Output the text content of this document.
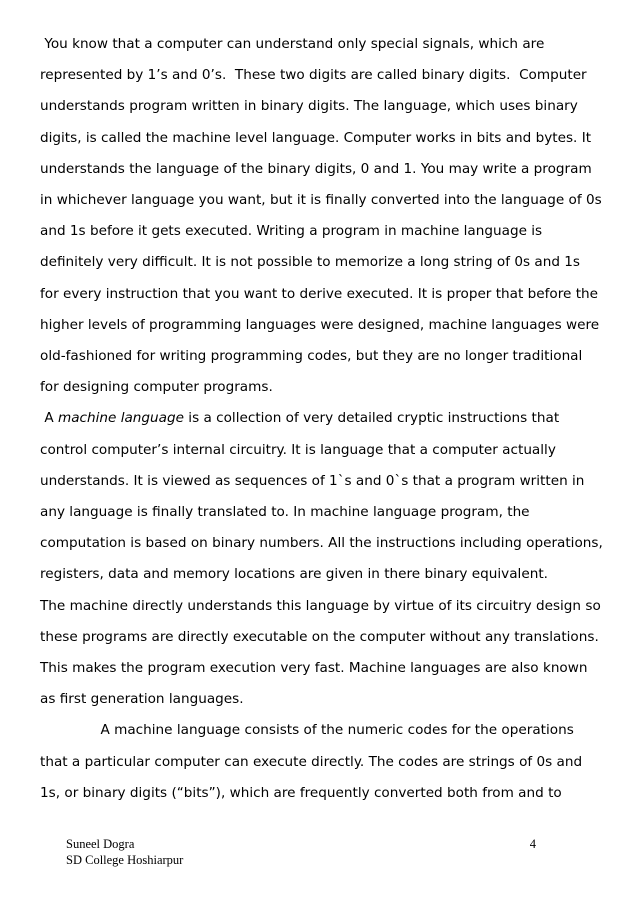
You know that a computer can understand only special signals, which are
represented by 1’s and 0’s.  These two digits are called binary digits.  Computer
understands program written in binary digits. The language, which uses binary
digits, is called the machine level language. Computer works in bits and bytes. It
understands the language of the binary digits, 0 and 1. You may write a program
in whichever language you want, but it is finally converted into the language of 0s
and 1s before it gets executed. Writing a program in machine language is
definitely very difficult. It is not possible to memorize a long string of 0s and 1s
for every instruction that you want to derive executed. It is proper that before the
higher levels of programming languages were designed, machine languages were
old-fashioned for writing programming codes, but they are no longer traditional
for designing computer programs.
A machine language is a collection of very detailed cryptic instructions that
control computer’s internal circuitry. It is language that a computer actually
understands. It is viewed as sequences of 1`s and 0`s that a program written in
any language is finally translated to. In machine language program, the
computation is based on binary numbers. All the instructions including operations,
registers, data and memory locations are given in there binary equivalent.
The machine directly understands this language by virtue of its circuitry design so
these programs are directly executable on the computer without any translations.
This makes the program execution very fast. Machine languages are also known
as first generation languages.
A machine language consists of the numeric codes for the operations
that a particular computer can execute directly. The codes are strings of 0s and
1s, or binary digits (“bits”), which are frequently converted both from and to
Suneel Dogra
SD College Hoshiarpur
4
